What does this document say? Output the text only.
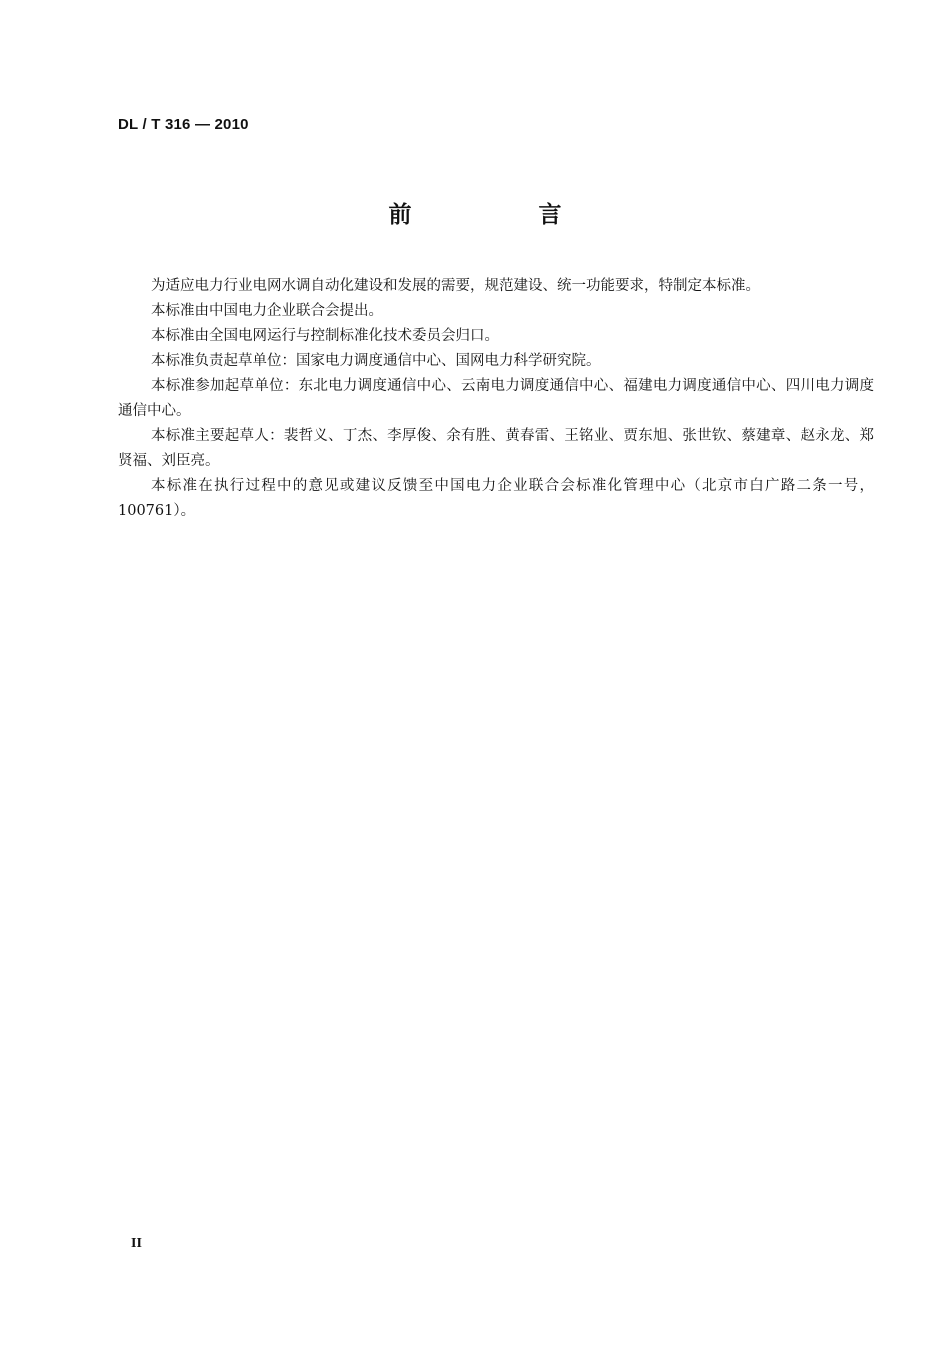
DL / T 316 — 2010
前　言

为适应电力行业电网水调自动化建设和发展的需要，规范建设、统一功能要求，特制定本标准。

本标准由中国电力企业联合会提出。

本标准由全国电网运行与控制标准化技术委员会归口。

本标准负责起草单位：国家电力调度通信中心、国网电力科学研究院。

本标准参加起草单位：东北电力调度通信中心、云南电力调度通信中心、福建电力调度通信中心、四川电力调度通信中心。

本标准主要起草人：裴哲义、丁杰、李厚俊、余有胜、黄春雷、王铭业、贾东旭、张世钦、蔡建章、赵永龙、郑贤福、刘臣亮。

本标准在执行过程中的意见或建议反馈至中国电力企业联合会标准化管理中心（北京市白广路二条一号，100761）。

II
